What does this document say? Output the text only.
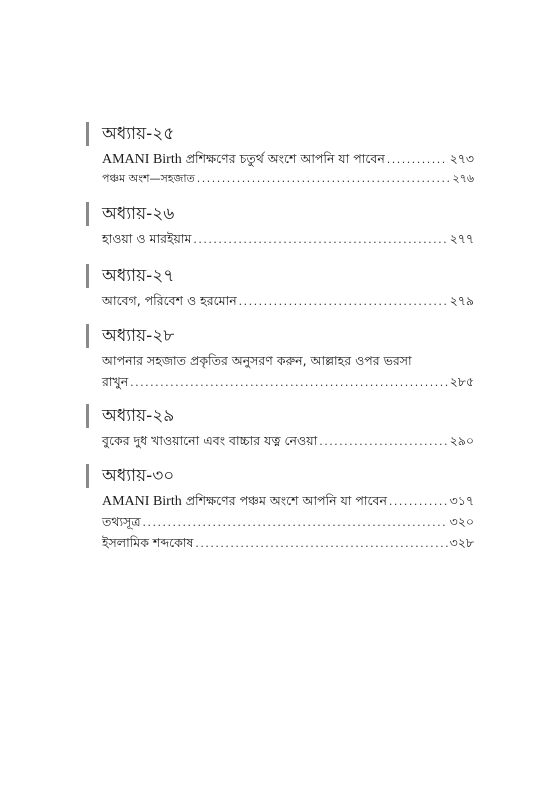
অধ্যায়-২৫
AMANI Birth প্রশিক্ষণের চতুর্থ অংশে আপনি যা পাবেন . . .	২৭৩
পঞ্চম অংশ—সহজাত . . .	২৭৬
অধ্যায়-২৬
হাওয়া ও মারইয়াম . . .	২৭৭
অধ্যায়-২৭
আবেগ, পরিবেশ ও হরমোন . . .	২৭৯
অধ্যায়-২৮
আপনার সহজাত প্রকৃতির অনুসরণ করুন, আল্লাহর ওপর ভরসা
রাখুন . . .	২৮৫
অধ্যায়-২৯
বুকের দুধ খাওয়ানো এবং বাচ্চার যত্ন নেওয়া . . .	২৯০
অধ্যায়-৩০
AMANI Birth প্রশিক্ষণের পঞ্চম অংশে আপনি যা পাবেন . . .	৩১৭
তথ্যসূত্র . . .	৩২০
ইসলামিক শব্দকোষ . . .	৩২৮
